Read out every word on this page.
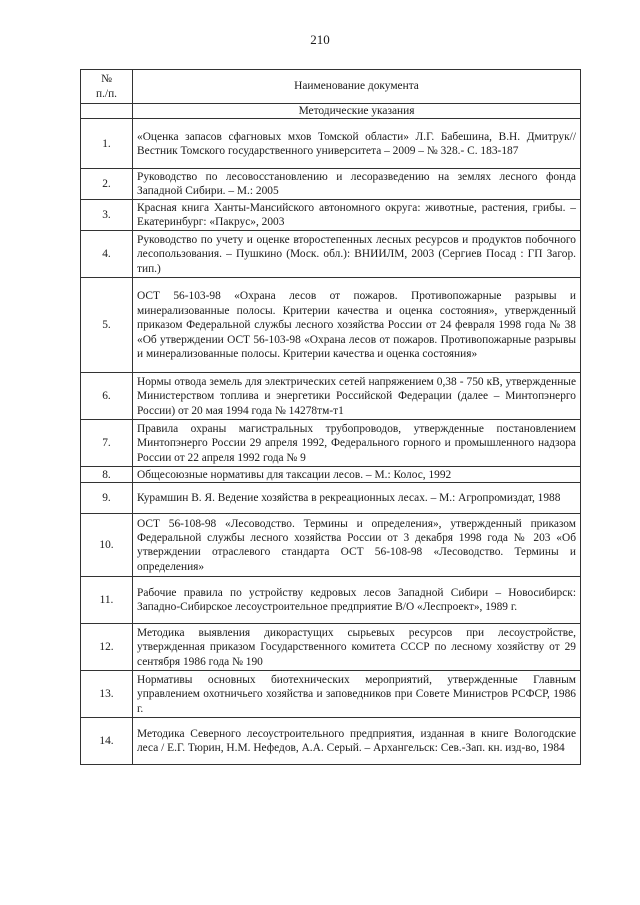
210
№
п./п.	Наименование документа
	Методические указания
1.	«Оценка запасов сфагновых мхов Томской области» Л.Г. Бабешина, В.Н. Дмитрук// Вестник Томского государственного университета – 2009 – № 328.- С. 183-187
2.	Руководство по лесовосстановлению и лесоразведению на землях лесного фонда Западной Сибири. – М.: 2005
3.	Красная книга Ханты-Мансийского автономного округа: животные, растения, грибы. – Екатеринбург: «Пакрус», 2003
4.	Руководство по учету и оценке второстепенных лесных ресурсов и продуктов побочного лесопользования. – Пушкино (Моск. обл.): ВНИИЛМ, 2003 (Сергиев Посад : ГП Загор. тип.)
5.	ОСТ 56-103-98 «Охрана лесов от пожаров. Противопожарные разрывы и минерализованные полосы. Критерии качества и оценка состояния», утвержденный приказом Федеральной службы лесного хозяйства России от 24 февраля 1998 года № 38 «Об утверждении ОСТ 56-103-98 «Охрана лесов от пожаров. Противопожарные разрывы и минерализованные полосы. Критерии качества и оценка состояния»
6.	Нормы отвода земель для электрических сетей напряжением 0,38 - 750 кВ, утвержденные Министерством топлива и энергетики Российской Федерации (далее – Минтопэнерго России) от 20 мая 1994 года № 14278тм-т1
7.	Правила охраны магистральных трубопроводов, утвержденные постановлением Минтопэнерго России 29 апреля 1992, Федерального горного и промышленного надзора России от 22 апреля 1992 года № 9
8.	Общесоюзные нормативы для таксации лесов. – М.: Колос, 1992
9.	Курамшин В. Я. Ведение хозяйства в рекреационных лесах. – М.: Агропромиздат, 1988
10.	ОСТ 56-108-98 «Лесоводство. Термины и определения», утвержденный приказом Федеральной службы лесного хозяйства России от 3 декабря 1998 года № 203 «Об утверждении отраслевого стандарта ОСТ 56-108-98 «Лесоводство. Термины и определения»
11.	Рабочие правила по устройству кедровых лесов Западной Сибири – Новосибирск: Западно-Сибирское лесоустроительное предприятие В/О «Леспроект», 1989 г.
12.	Методика выявления дикорастущих сырьевых ресурсов при лесоустройстве, утвержденная приказом Государственного комитета СССР по лесному хозяйству от 29 сентября 1986 года № 190
13.	Нормативы основных биотехнических мероприятий, утвержденные Главным управлением охотничьего хозяйства и заповедников при Совете Министров РСФСР, 1986 г.
14.	Методика Северного лесоустроительного предприятия, изданная в книге Вологодские леса / Е.Г. Тюрин, Н.М. Нефедов, А.А. Серый. – Архангельск: Сев.-Зап. кн. изд-во, 1984
